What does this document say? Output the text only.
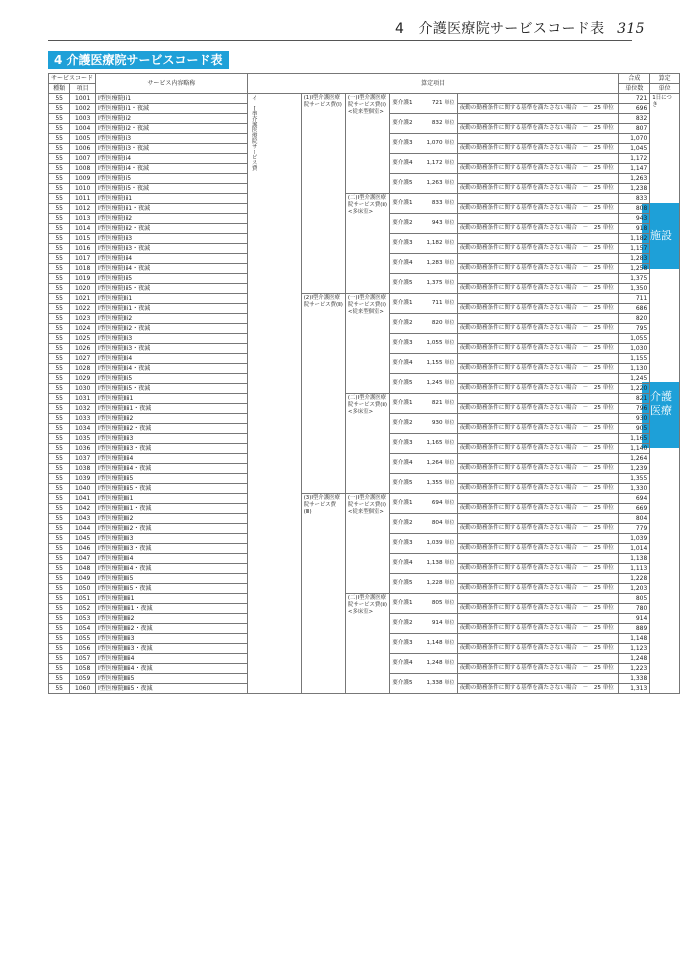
4　介護医療院サービスコード表 315
4 介護医療院サービスコード表
施設
介護
医療
サービスコード		サービス内容略称	算定項目					合成	算定
種類	項目							単位数	単位
55	1001	Ⅰ型医療院Ⅰⅰ1	イ　Ｉ型介護医療院サービス費	(1)Ⅰ型介護医療院サービス費(Ⅰ)	(一)Ⅰ型介護医療院サービス費(ⅰ)<従来型個室>	要介護1 721 単位		721	1日につき
55	1002	Ⅰ型医療院Ⅰⅰ1・夜減					夜勤の勤務条件に関する基準を満たさない場合　－　25 単位	696	
55	1003	Ⅰ型医療院Ⅰⅰ2				要介護2 832 単位		832	
55	1004	Ⅰ型医療院Ⅰⅰ2・夜減					夜勤の勤務条件に関する基準を満たさない場合　－　25 単位	807	
55	1005	Ⅰ型医療院Ⅰⅰ3				要介護3 1,070 単位		1,070	
55	1006	Ⅰ型医療院Ⅰⅰ3・夜減					夜勤の勤務条件に関する基準を満たさない場合　－　25 単位	1,045	
55	1007	Ⅰ型医療院Ⅰⅰ4				要介護4 1,172 単位		1,172	
55	1008	Ⅰ型医療院Ⅰⅰ4・夜減					夜勤の勤務条件に関する基準を満たさない場合　－　25 単位	1,147	
55	1009	Ⅰ型医療院Ⅰⅰ5				要介護5 1,263 単位		1,263	
55	1010	Ⅰ型医療院Ⅰⅰ5・夜減					夜勤の勤務条件に関する基準を満たさない場合　－　25 単位	1,238	
55	1011	Ⅰ型医療院Ⅰⅱ1			(二)Ⅰ型介護医療院サービス費(ⅱ)<多床室>	要介護1 833 単位		833	
55	1012	Ⅰ型医療院Ⅰⅱ1・夜減					夜勤の勤務条件に関する基準を満たさない場合　－　25 単位	808	
55	1013	Ⅰ型医療院Ⅰⅱ2				要介護2 943 単位		943	
55	1014	Ⅰ型医療院Ⅰⅱ2・夜減					夜勤の勤務条件に関する基準を満たさない場合　－　25 単位	918	
55	1015	Ⅰ型医療院Ⅰⅱ3				要介護3 1,182 単位		1,182	
55	1016	Ⅰ型医療院Ⅰⅱ3・夜減					夜勤の勤務条件に関する基準を満たさない場合　－　25 単位	1,157	
55	1017	Ⅰ型医療院Ⅰⅱ4				要介護4 1,283 単位		1,283	
55	1018	Ⅰ型医療院Ⅰⅱ4・夜減					夜勤の勤務条件に関する基準を満たさない場合　－　25 単位	1,258	
55	1019	Ⅰ型医療院Ⅰⅱ5				要介護5 1,375 単位		1,375	
55	1020	Ⅰ型医療院Ⅰⅱ5・夜減					夜勤の勤務条件に関する基準を満たさない場合　－　25 単位	1,350	
55	1021	Ⅰ型医療院Ⅱⅰ1		(2)Ⅰ型介護医療院サービス費(Ⅱ)	(一)Ⅰ型介護医療院サービス費(ⅰ)<従来型個室>	要介護1 711 単位		711	
55	1022	Ⅰ型医療院Ⅱⅰ1・夜減					夜勤の勤務条件に関する基準を満たさない場合　－　25 単位	686	
55	1023	Ⅰ型医療院Ⅱⅰ2				要介護2 820 単位		820	
55	1024	Ⅰ型医療院Ⅱⅰ2・夜減					夜勤の勤務条件に関する基準を満たさない場合　－　25 単位	795	
55	1025	Ⅰ型医療院Ⅱⅰ3				要介護3 1,055 単位		1,055	
55	1026	Ⅰ型医療院Ⅱⅰ3・夜減					夜勤の勤務条件に関する基準を満たさない場合　－　25 単位	1,030	
55	1027	Ⅰ型医療院Ⅱⅰ4				要介護4 1,155 単位		1,155	
55	1028	Ⅰ型医療院Ⅱⅰ4・夜減					夜勤の勤務条件に関する基準を満たさない場合　－　25 単位	1,130	
55	1029	Ⅰ型医療院Ⅱⅰ5				要介護5 1,245 単位		1,245	
55	1030	Ⅰ型医療院Ⅱⅰ5・夜減					夜勤の勤務条件に関する基準を満たさない場合　－　25 単位	1,220	
55	1031	Ⅰ型医療院Ⅱⅱ1			(二)Ⅰ型介護医療院サービス費(ⅱ)<多床室>	要介護1 821 単位		821	
55	1032	Ⅰ型医療院Ⅱⅱ1・夜減					夜勤の勤務条件に関する基準を満たさない場合　－　25 単位	796	
55	1033	Ⅰ型医療院Ⅱⅱ2				要介護2 930 単位		930	
55	1034	Ⅰ型医療院Ⅱⅱ2・夜減					夜勤の勤務条件に関する基準を満たさない場合　－　25 単位	905	
55	1035	Ⅰ型医療院Ⅱⅱ3				要介護3 1,165 単位		1,165	
55	1036	Ⅰ型医療院Ⅱⅱ3・夜減					夜勤の勤務条件に関する基準を満たさない場合　－　25 単位	1,140	
55	1037	Ⅰ型医療院Ⅱⅱ4				要介護4 1,264 単位		1,264	
55	1038	Ⅰ型医療院Ⅱⅱ4・夜減					夜勤の勤務条件に関する基準を満たさない場合　－　25 単位	1,239	
55	1039	Ⅰ型医療院Ⅱⅱ5				要介護5 1,355 単位		1,355	
55	1040	Ⅰ型医療院Ⅱⅱ5・夜減					夜勤の勤務条件に関する基準を満たさない場合　－　25 単位	1,330	
55	1041	Ⅰ型医療院Ⅲⅰ1		(3)Ⅰ型介護医療院サービス費(Ⅲ)	(一)Ⅰ型介護医療院サービス費(ⅰ)<従来型個室>	要介護1 694 単位		694	
55	1042	Ⅰ型医療院Ⅲⅰ1・夜減					夜勤の勤務条件に関する基準を満たさない場合　－　25 単位	669	
55	1043	Ⅰ型医療院Ⅲⅰ2				要介護2 804 単位		804	
55	1044	Ⅰ型医療院Ⅲⅰ2・夜減					夜勤の勤務条件に関する基準を満たさない場合　－　25 単位	779	
55	1045	Ⅰ型医療院Ⅲⅰ3				要介護3 1,039 単位		1,039	
55	1046	Ⅰ型医療院Ⅲⅰ3・夜減					夜勤の勤務条件に関する基準を満たさない場合　－　25 単位	1,014	
55	1047	Ⅰ型医療院Ⅲⅰ4				要介護4 1,138 単位		1,138	
55	1048	Ⅰ型医療院Ⅲⅰ4・夜減					夜勤の勤務条件に関する基準を満たさない場合　－　25 単位	1,113	
55	1049	Ⅰ型医療院Ⅲⅰ5				要介護5 1,228 単位		1,228	
55	1050	Ⅰ型医療院Ⅲⅰ5・夜減					夜勤の勤務条件に関する基準を満たさない場合　－　25 単位	1,203	
55	1051	Ⅰ型医療院Ⅲⅱ1			(二)Ⅰ型介護医療院サービス費(ⅱ)<多床室>	要介護1 805 単位		805	
55	1052	Ⅰ型医療院Ⅲⅱ1・夜減					夜勤の勤務条件に関する基準を満たさない場合　－　25 単位	780	
55	1053	Ⅰ型医療院Ⅲⅱ2				要介護2 914 単位		914	
55	1054	Ⅰ型医療院Ⅲⅱ2・夜減					夜勤の勤務条件に関する基準を満たさない場合　－　25 単位	889	
55	1055	Ⅰ型医療院Ⅲⅱ3				要介護3 1,148 単位		1,148	
55	1056	Ⅰ型医療院Ⅲⅱ3・夜減					夜勤の勤務条件に関する基準を満たさない場合　－　25 単位	1,123	
55	1057	Ⅰ型医療院Ⅲⅱ4				要介護4 1,248 単位		1,248	
55	1058	Ⅰ型医療院Ⅲⅱ4・夜減					夜勤の勤務条件に関する基準を満たさない場合　－　25 単位	1,223	
55	1059	Ⅰ型医療院Ⅲⅱ5				要介護5 1,338 単位		1,338	
55	1060	Ⅰ型医療院Ⅲⅱ5・夜減					夜勤の勤務条件に関する基準を満たさない場合　－　25 単位	1,313	
